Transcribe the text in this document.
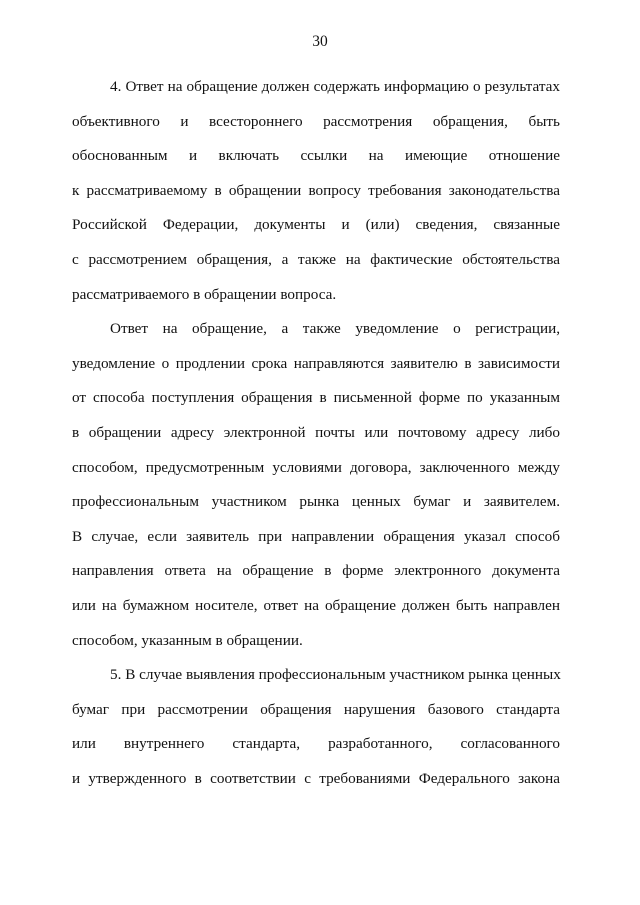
30

4. Ответ на обращение должен содержать информацию о результатах
объективного и всестороннего рассмотрения обращения, быть
обоснованным и включать ссылки на имеющие отношение
к рассматриваемому в обращении вопросу требования законодательства
Российской Федерации, документы и (или) сведения, связанные
с рассмотрением обращения, а также на фактические обстоятельства
рассматриваемого в обращении вопроса.

Ответ на обращение, а также уведомление о регистрации,
уведомление о продлении срока направляются заявителю в зависимости
от способа поступления обращения в письменной форме по указанным
в обращении адресу электронной почты или почтовому адресу либо
способом, предусмотренным условиями договора, заключенного между
профессиональным участником рынка ценных бумаг и заявителем.
В случае, если заявитель при направлении обращения указал способ
направления ответа на обращение в форме электронного документа
или на бумажном носителе, ответ на обращение должен быть направлен
способом, указанным в обращении.

5. В случае выявления профессиональным участником рынка ценных
бумаг при рассмотрении обращения нарушения базового стандарта
или внутреннего стандарта, разработанного, согласованного
и утвержденного в соответствии с требованиями Федерального закона
